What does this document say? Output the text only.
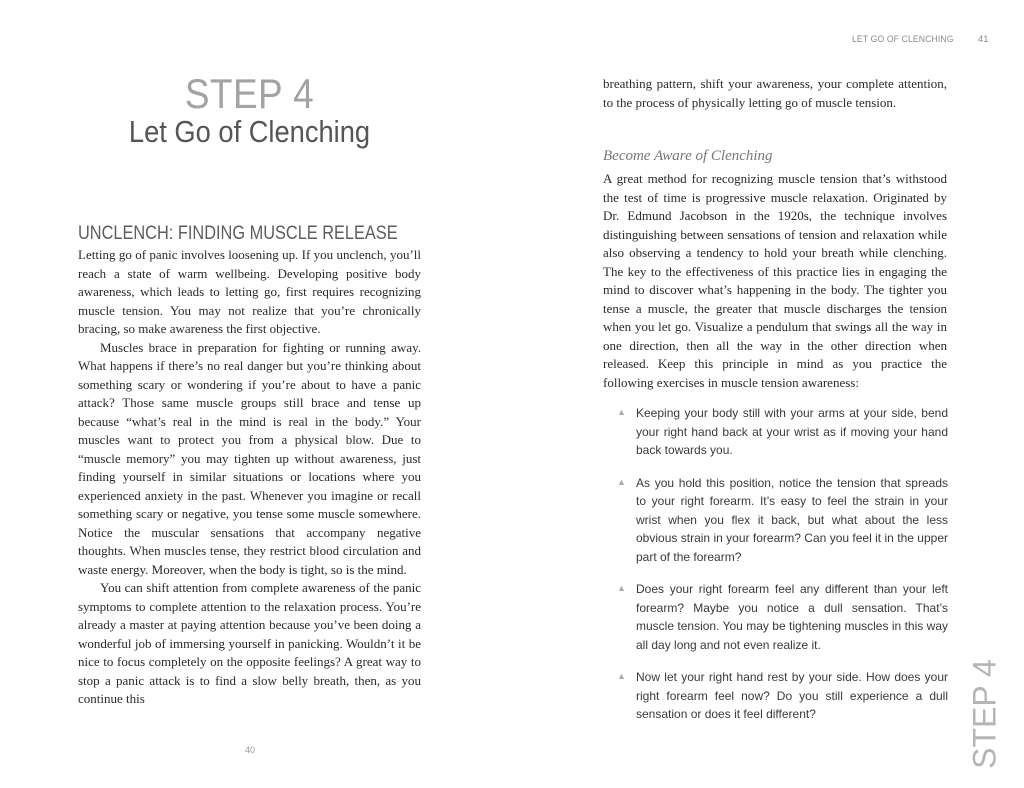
STEP 4
Let Go of Clenching
UNCLENCH: FINDING MUSCLE RELEASE

Letting go of panic involves loosening up. If you unclench, you’ll reach a state of warm wellbeing. Developing positive body awareness, which leads to letting go, first requires recognizing muscle tension. You may not realize that you’re chronically bracing, so make awareness the first objective.

Muscles brace in preparation for fighting or running away. What happens if there’s no real danger but you’re thinking about something scary or wondering if you’re about to have a panic attack? Those same muscle groups still brace and tense up because “what’s real in the mind is real in the body.” Your muscles want to protect you from a physical blow. Due to “muscle memory” you may tighten up without awareness, just finding yourself in similar situations or locations where you experienced anxiety in the past. Whenever you imagine or recall something scary or negative, you tense some muscle somewhere. Notice the muscular sensations that accompany negative thoughts. When muscles tense, they restrict blood circulation and waste energy. Moreover, when the body is tight, so is the mind.

You can shift attention from complete awareness of the panic symptoms to complete attention to the relaxation process. You’re already a master at paying attention because you’ve been doing a wonderful job of immersing yourself in panicking. Wouldn’t it be nice to focus completely on the opposite feelings? A great way to stop a panic attack is to find a slow belly breath, then, as you continue this

40
LET GO OF CLENCHING	41

breathing pattern, shift your awareness, your complete attention, to the process of physically letting go of muscle tension.

Become Aware of Clenching

A great method for recognizing muscle tension that’s withstood the test of time is progressive muscle relaxation. Originated by Dr. Edmund Jacobson in the 1920s, the technique involves distinguishing between sensations of tension and relaxation while also observing a tendency to hold your breath while clenching. The key to the effectiveness of this practice lies in engaging the mind to discover what’s happening in the body. The tighter you tense a muscle, the greater that muscle discharges the tension when you let go. Visualize a pendulum that swings all the way in one direction, then all the way in the other direction when released. Keep this principle in mind as you practice the following exercises in muscle tension awareness:

▲ Keeping your body still with your arms at your side, bend your right hand back at your wrist as if moving your hand back towards you.
▲ As you hold this position, notice the tension that spreads to your right forearm. It’s easy to feel the strain in your wrist when you flex it back, but what about the less obvious strain in your forearm? Can you feel it in the upper part of the forearm?
▲ Does your right forearm feel any different than your left forearm? Maybe you notice a dull sensation. That’s muscle tension. You may be tightening muscles in this way all day long and not even realize it.
▲ Now let your right hand rest by your side. How does your right forearm feel now? Do you still experience a dull sensation or does it feel different?	STEP 4
